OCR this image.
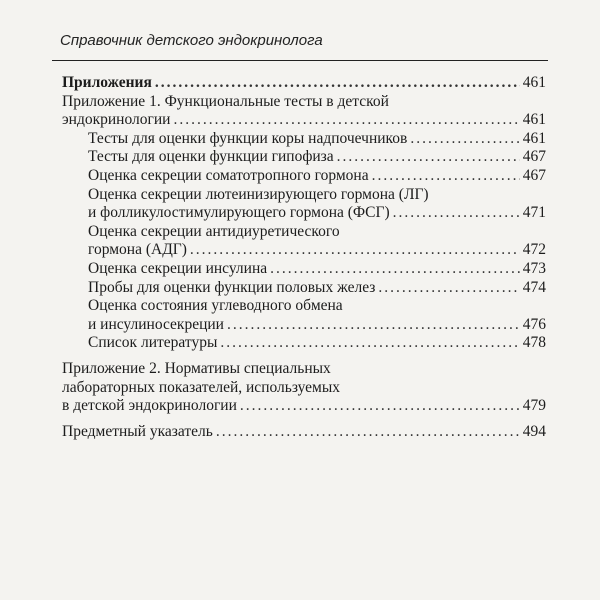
Справочник детского эндокринолога
Приложения .....	461
Приложение 1. Функциональные тесты в детской
эндокринологии .....	461
Тесты для оценки функции коры надпочечников .....	461
Тесты для оценки функции гипофиза .....	467
Оценка секреции соматотропного гормона .....	467
Оценка секреции лютеинизирующего гормона (ЛГ)
и фолликулостимулирующего гормона (ФСГ) .....	471
Оценка секреции антидиуретического
гормона (АДГ) .....	472
Оценка секреции инсулина .....	473
Пробы для оценки функции половых желез .....	474
Оценка состояния углеводного обмена
и инсулиносекреции .....	476
Список литературы .....	478
Приложение 2. Нормативы специальных
лабораторных показателей, используемых
в детской эндокринологии .....	479
Предметный указатель .....	494
